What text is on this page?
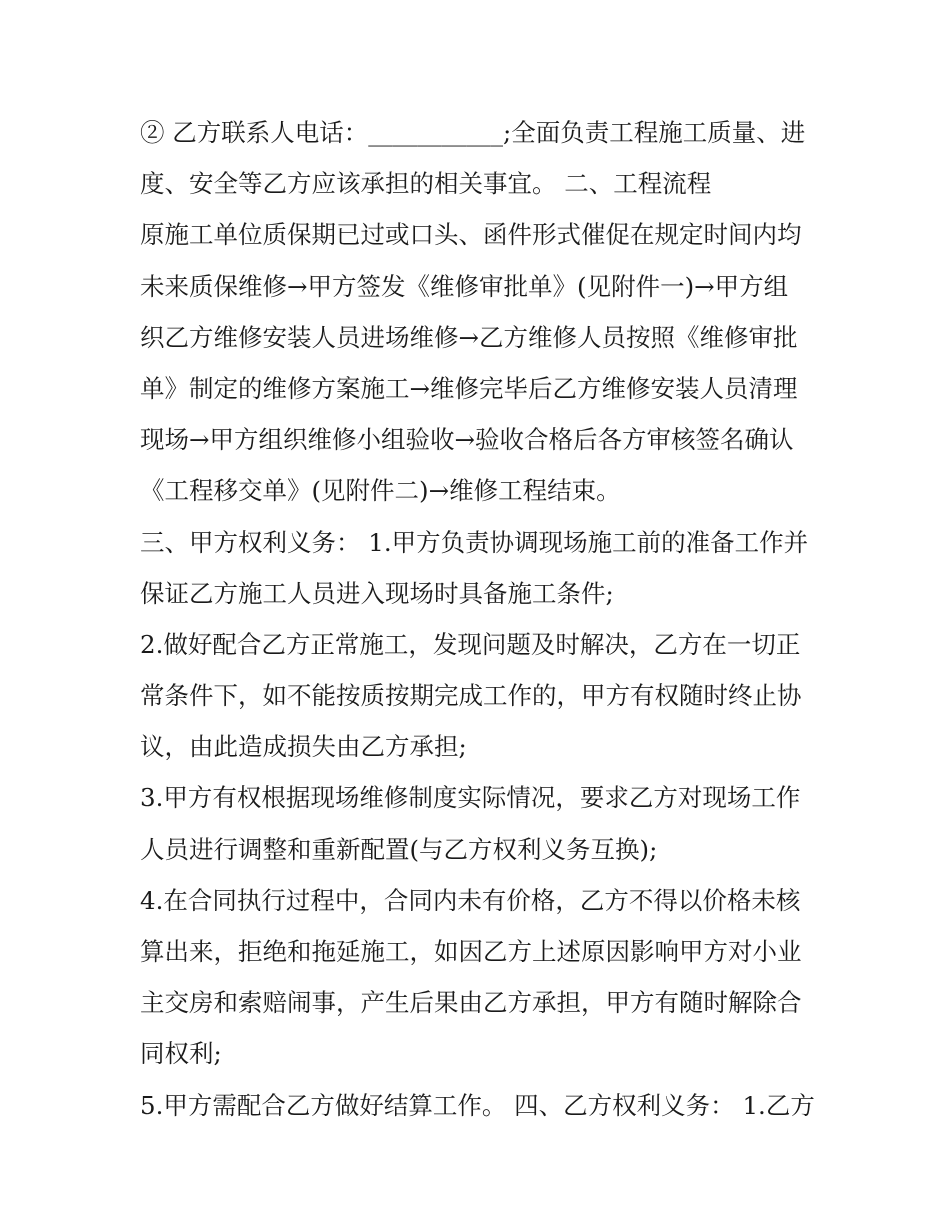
② 乙方联系人电话：___________;全面负责工程施工质量、进
度、安全等乙方应该承担的相关事宜。 二、工程流程
原施工单位质保期已过或口头、函件形式催促在规定时间内均
未来质保维修→甲方签发《维修审批单》(见附件一)→甲方组
织乙方维修安装人员进场维修→乙方维修人员按照《维修审批
单》制定的维修方案施工→维修完毕后乙方维修安装人员清理
现场→甲方组织维修小组验收→验收合格后各方审核签名确认
《工程移交单》(见附件二)→维修工程结束。
三、甲方权利义务： 1.甲方负责协调现场施工前的准备工作并
保证乙方施工人员进入现场时具备施工条件;
2.做好配合乙方正常施工，发现问题及时解决，乙方在一切正
常条件下，如不能按质按期完成工作的，甲方有权随时终止协
议，由此造成损失由乙方承担;
3.甲方有权根据现场维修制度实际情况，要求乙方对现场工作
人员进行调整和重新配置(与乙方权利义务互换);
4.在合同执行过程中，合同内未有价格，乙方不得以价格未核
算出来，拒绝和拖延施工，如因乙方上述原因影响甲方对小业
主交房和索赔闹事，产生后果由乙方承担，甲方有随时解除合
同权利;
5.甲方需配合乙方做好结算工作。 四、乙方权利义务： 1.乙方
